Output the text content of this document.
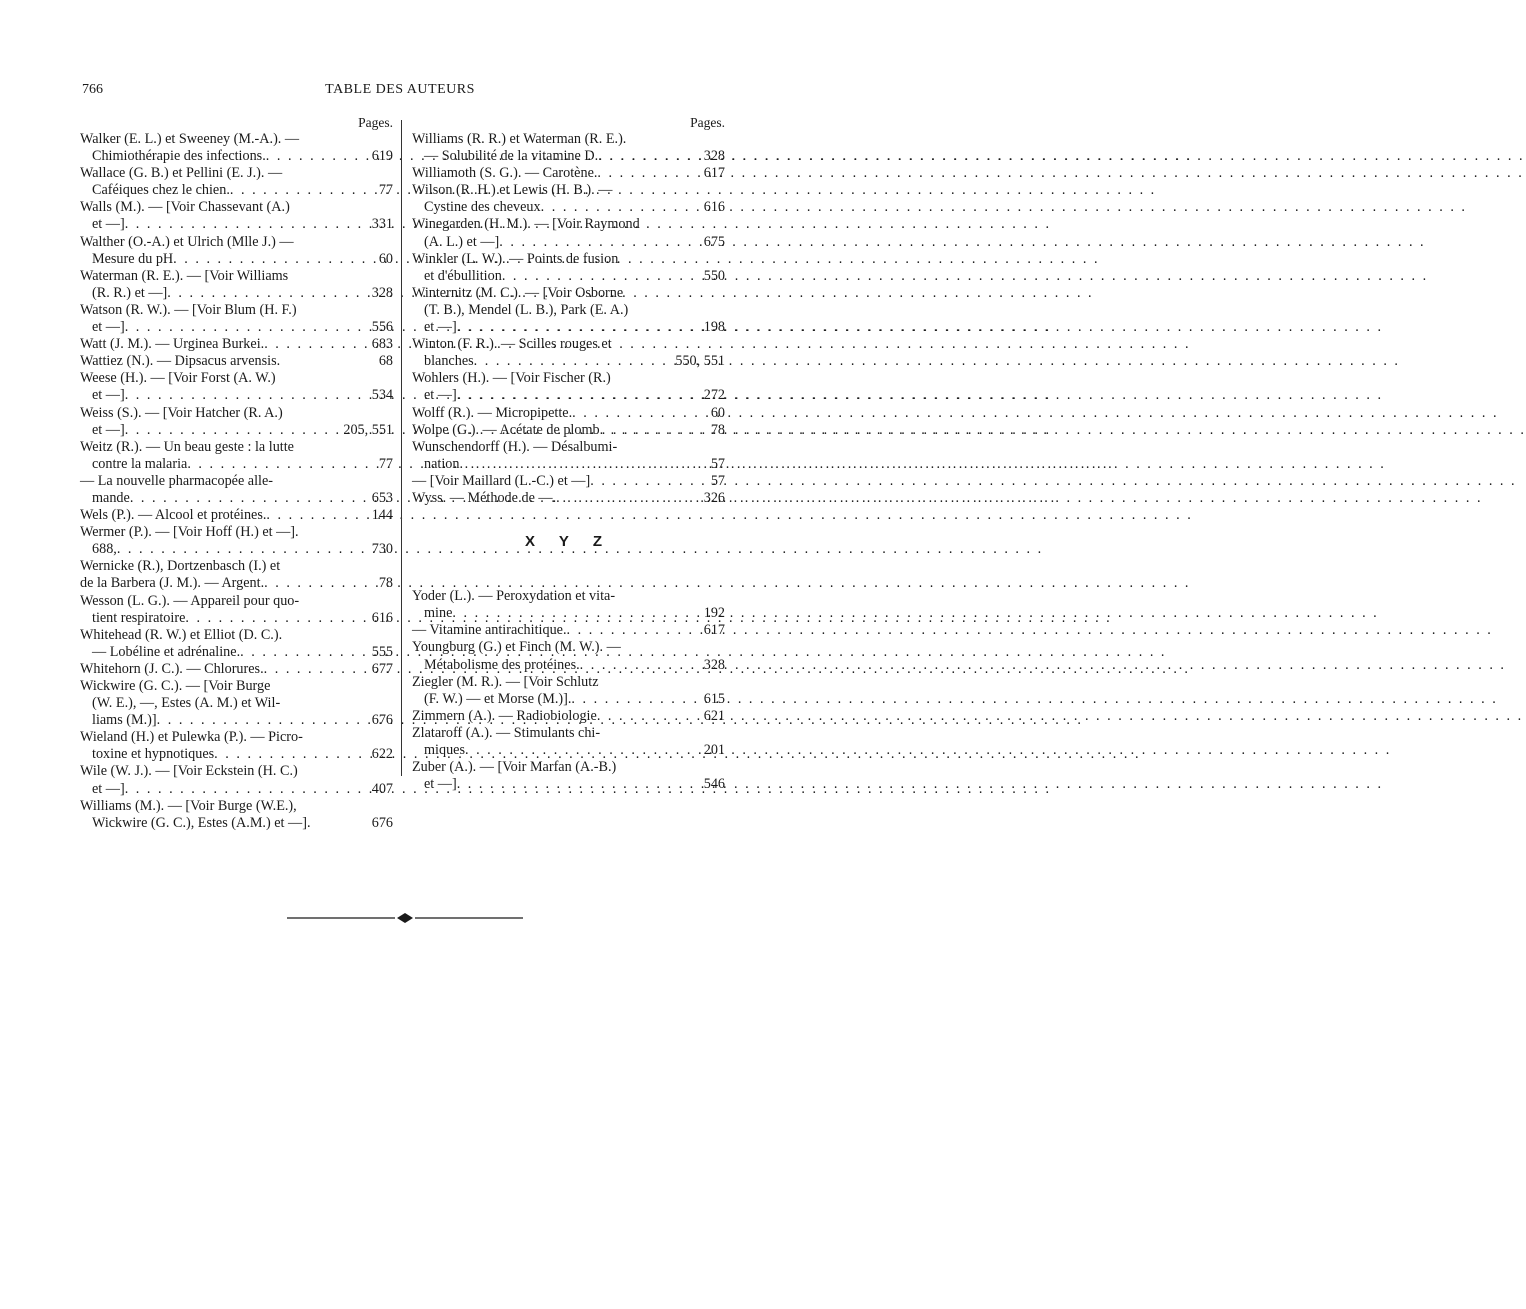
766	TABLE DES AUTEURS
Pages.
Walker (E. L.) et Sweeney (M.-A.). —
Chimiothérapie des infections. . . .	619
Wallace (G. B.) et Pellini (E. J.). —
Caféiques chez le chien. . . .	77
Walls (M.). — [Voir Chassevant (A.)
et —] . . .	331
Walther (O.-A.) et Ulrich (Mlle J.) —
Mesure du pH . . .	60
Waterman (R. E.). — [Voir Williams
(R. R.) et —] . . .	328
Watson (R. W.). — [Voir Blum (H. F.)
et —] . . .	556
Watt (J. M.). — Urginea Burkei. . . .	683
Wattiez (N.). — Dipsacus arvensis.	68
Weese (H.). — [Voir Forst (A. W.)
et —] . . .	534
Weiss (S.). — [Voir Hatcher (R. A.)
et —] . . .	205, 551
Weitz (R.). — Un beau geste : la lutte
contre la malaria . . .	77
— La nouvelle pharmacopée alle-
mande . . .	653
Wels (P.). — Alcool et protéines. . . .	144
Wermer (P.). — [Voir Hoff (H.) et —].
688, . . .	730
Wernicke (R.), Dortzenbasch (I.) et
de la Barbera (J. M.). — Argent. . . .	78
Wesson (L. G.). — Appareil pour quo-
tient respiratoire . . .	616
Whitehead (R. W.) et Elliot (D. C.).
— Lobéline et adrénaline. . . .	555
Whitehorn (J. C.). — Chlorures. . . .	677
Wickwire (G. C.). — [Voir Burge
(W. E.), —, Estes (A. M.) et Wil-
liams (M.)] . . .	676
Wieland (H.) et Pulewka (P.). — Picro-
toxine et hypnotiques . . .	622
Wile (W. J.). — [Voir Eckstein (H. C.)
et —] . . .	407
Williams (M.). — [Voir Burge (W.E.),
Wickwire (G. C.), Estes (A.M.) et —].	676
Pages.
Williams (R. R.) et Waterman (R. E.).
— Solubilité de la vitamine D. . . .	328
Williamoth (S. G.). — Carotène. . . .	617
Wilson (R. H.) et Lewis (H. B.). —
Cystine des cheveux . . .	616
Winegarden (H. M.). — [Voir Raymond
(A. L.) et —] . . .	675
Winkler (L. W.). — Points de fusion
et d'ébullition . . .	550
Winternitz (M. C.). — [Voir Osborne
(T. B.), Mendel (L. B.), Park (E. A.)
et —] . . .	198
Winton (F. R.). — Scilles rouges et
blanches . . .	550, 551
Wohlers (H.). — [Voir Fischer (R.)
et —] . . .	272
Wolff (R.). — Micropipette. . . .	60
Wolpe (G.). — Acétate de plomb . . .	78
Wunschendorff (H.). — Désalbumi-
nation . . .	57
— [Voir Maillard (L.-C.) et —] . . .	57
Wyss. — Méthode de —. . . .	326
X Y Z
Yoder (L.). — Peroxydation et vita-
mine . . .	192
— Vitamine antirachitique. . . .	617
Youngburg (G.) et Finch (M. W.). —
Métabolisme des protéines. . . .	328
Ziegler (M. R.). — [Voir Schlutz
(F. W.) — et Morse (M.)]. . . .	615
Zimmern (A.). — Radiobiologie . . .	621
Zlataroff (A.). — Stimulants chi-
miques . . .	201
Zuber (A.). — [Voir Marfan (A.-B.)
et —] . . .	546
